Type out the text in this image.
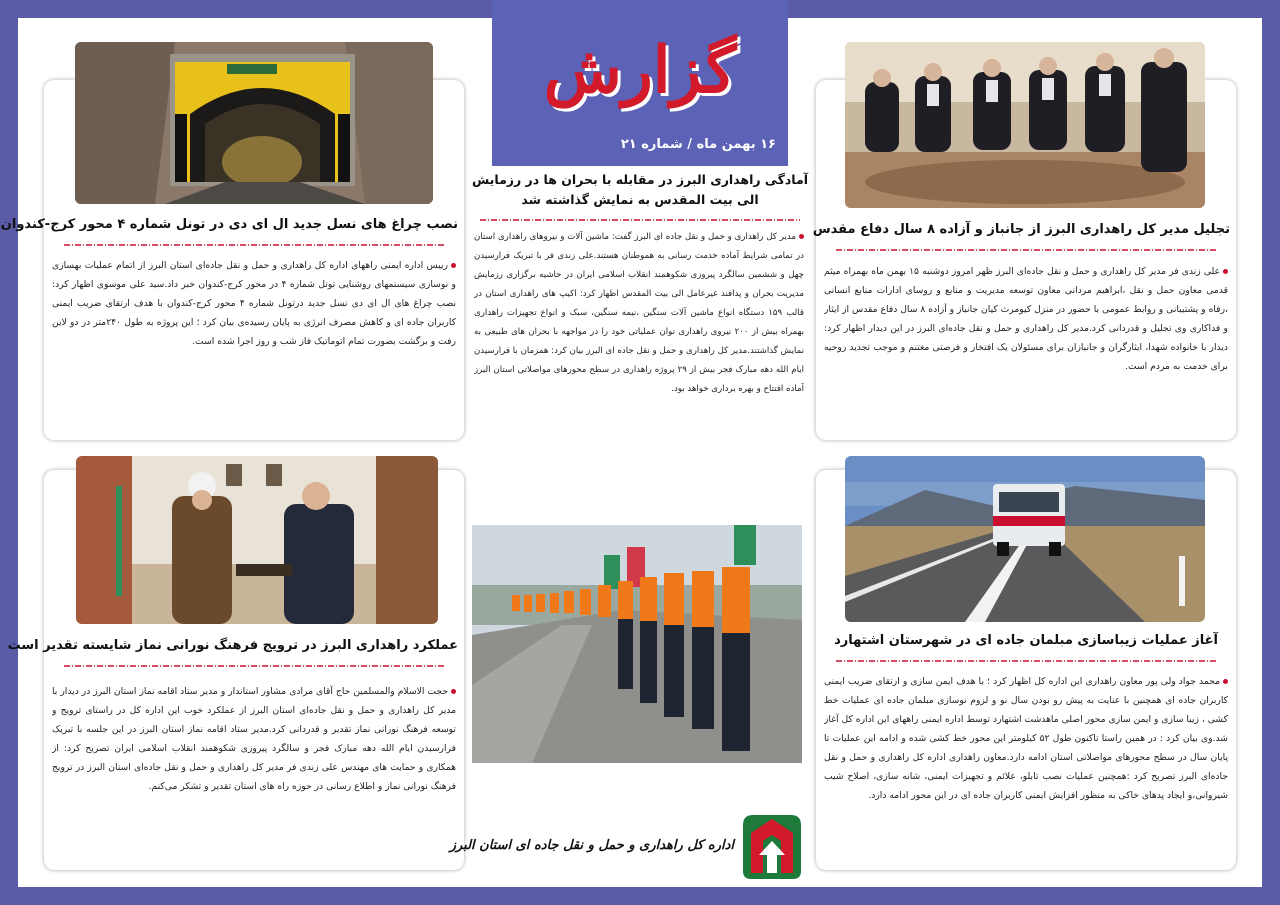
گزارش
۱۶ بهمن ماه / شماره ۲۱
نصب چراغ های نسل جدید ال ای دی در تونل شماره ۴ محور کرج-کندوان
رییس اداره ایمنی راههای اداره کل راهداری و حمل و نقل جاده‌ای استان البرز از اتمام عملیات بهسازی و نوسازی سیستمهای روشنایی تونل شماره ۴ در محور کرج-کندوان خبر داد.سید علی موسوی اظهار کرد: نصب چراغ های ال ای دی نسل جدید درتونل شماره ۴ محور کرج-کندوان با هدف ارتقای ضریب ایمنی کاربران جاده ای و کاهش مصرف انرژی به پایان رسیده‌ی بیان کرد ؛ این پروژه به طول ۲۴۰متر در دو لاین رفت و برگشت بصورت تمام اتوماتیک فاز شب و روز اجرا شده است.
تجلیل مدیر کل راهداری البرز از جانباز و آزاده ۸ سال دفاع مقدس
علی زندی فر مدیر کل راهداری و حمل و نقل جاده‌ای البرز ظهر امروز دوشنبه ۱۵ بهمن ماه بهمراه میثم قدمی معاون حمل و نقل ،ابراهیم مردانی معاون توسعه مدیریت و منابع و روسای ادارات منابع انسانی ،رفاه و پشتیبانی و روابط عمومی با حضور در منزل کیومرث کیان جانباز و آزاده ۸ سال دفاع مقدس از ایثار و فداکاری وی تجلیل و قدردانی کرد.مدیر کل راهداری و حمل و نقل جاده‌ای البرز در این دیدار اظهار کرد: دیدار با خانواده شهدا، ایثارگران و جانبازان برای مسئولان یک افتخار و فرصتی مغتنم و موجب تجدید روحیه برای خدمت به مردم است.
آمادگی راهداری البرز در مقابله با بحران ها در رزمایش الی بیت المقدس به نمایش گذاشته شد
مدیر کل راهداری و حمل و نقل جاده ای البرز گفت: ماشین آلات و نیروهای راهداری استان در تمامی شرایط آماده خدمت رسانی به هموطنان هستند.علی زندی فر با تبریک فرارسیدن چهل و ششمین سالگرد پیروزی شکوهمند انقلاب اسلامی ایران در حاشیه برگزاری رزمایش مدیریت بحران و پدافند غیرعامل الی بیت المقدس اظهار کرد: اکیپ های راهداری استان در قالب ۱۵۹ دستگاه انواع ماشین آلات سنگین ،نیمه سنگین، سبک و انواع تجهیزات راهداری بهمراه بیش از ۲۰۰ نیروی راهداری توان عملیاتی خود را در مواجهه با بحران های طبیعی به نمایش گذاشتند.مدیر کل راهداری و حمل و نقل جاده ای البرز بیان کرد: همزمان با فرارسیدن ایام الله دهه مبارک فجر بیش از ۲۹ پروژه راهداری در سطح محورهای مواصلاتی استان البرز آماده افتتاح و بهره برداری خواهد بود.
عملکرد راهداری البرز در ترویج فرهنگ نورانی نماز شایسته تقدیر است
حجت الاسلام والمسلمین حاج آقای مرادی مشاور استاندار و مدیر ستاد اقامه نماز استان البرز در دیدار با مدیر کل راهداری و حمل و نقل جاده‌ای استان البرز از عملکرد خوب این اداره کل در راستای ترویج و توسعه فرهنگ نورانی نماز تقدیر و قدردانی کرد.مدیر ستاد اقامه نماز استان البرز در این جلسه با تبریک فرارسیدن ایام الله دهه مبارک فجر و سالگرد پیروزی شکوهمند انقلاب اسلامی ایران تصریح کرد: از همکاری و حمایت های مهندس علی زندی فر مدیر کل راهداری و حمل و نقل جاده‌ای استان البرز در ترویج فرهنگ نورانی نماز و اطلاع رسانی در حوزه راه های استان تقدیر و تشکر می‌کنم.
آغاز عملیات زیباسازی مبلمان جاده ای در شهرستان اشتهارد
محمد جواد ولی پور معاون راهداری این اداره کل اظهار کرد ؛ با هدف ایمن سازی و ارتقای ضریب ایمنی کاربران جاده ای همچنین با عنایت به پیش رو بودن سال نو و لزوم نوسازی مبلمان جاده ای عملیات خط کشی ، زیبا سازی و ایمن سازی محور اصلی ماهدشت اشتهارد توسط اداره ایمنی راههای این اداره کل آغاز شد.وی بیان کرد : در همین راستا تاکنون طول ۵۲ کیلومتر این محور خط کشی شده و ادامه این عملیات تا پایان سال در سطح محورهای مواصلاتی استان ادامه دارد.معاون راهداری اداره کل راهداری و حمل و نقل جاده‌ای البرز تصریح کرد :همچنین عملیات نصب تابلو، علائم و تجهیزات ایمنی، شانه سازی، اصلاح شیب شیروانی،و ایجاد پدهای خاکی به منظور افزایش ایمنی کاربران جاده ای در این محور ادامه دارد.
اداره کل راهداری و حمل و نقل جاده ای استان البرز
